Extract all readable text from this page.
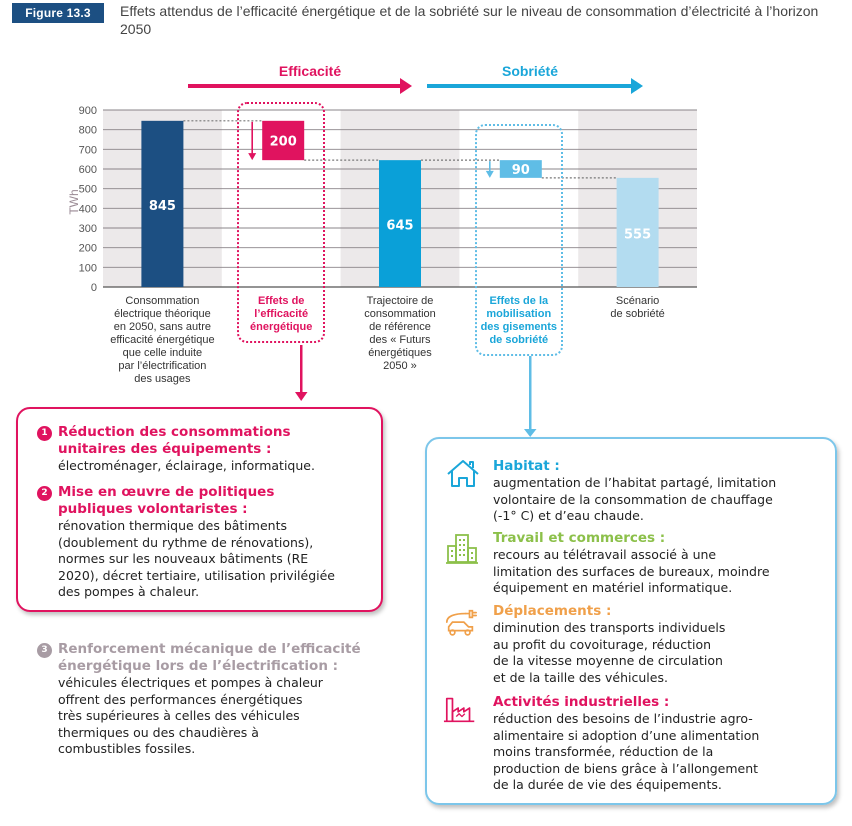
Figure 13.3	Effets attendus de l’efficacité énergétique et de la sobriété sur le niveau de consommation d’électricité à l’horizon 2050
Efficacité	Sobriété
0
100
200
300
400
500
600
700
800
900
845
200
645
90
555
TWh
Consommation
électrique théorique
en 2050, sans autre
efficacité énergétique
que celle induite
par l’électrification
des usages
Effets de
l’efficacité
énergétique
Trajectoire de
consommation
de référence
des « Futurs
énergétiques
2050 »
Effets de la
mobilisation
des gisements
de sobriété
Scénario
de sobriété
1 Réduction des consommations
unitaires des équipements :
électroménager, éclairage, informatique.
2 Mise en œuvre de politiques
publiques volontaristes :
rénovation thermique des bâtiments
(doublement du rythme de rénovations),
normes sur les nouveaux bâtiments (RE
2020), décret tertiaire, utilisation privilégiée
des pompes à chaleur.
3 Renforcement mécanique de l’efficacité
énergétique lors de l’électrification :
véhicules électriques et pompes à chaleur
offrent des performances énergétiques
très supérieures à celles des véhicules
thermiques ou des chaudières à
combustibles fossiles.
Habitat :
augmentation de l’habitat partagé, limitation
volontaire de la consommation de chauffage
(-1° C) et d’eau chaude.
Travail et commerces :
recours au télétravail associé à une
limitation des surfaces de bureaux, moindre
équipement en matériel informatique.
Déplacements :
diminution des transports individuels
au profit du covoiturage, réduction
de la vitesse moyenne de circulation
et de la taille des véhicules.
Activités industrielles :
réduction des besoins de l’industrie agro-
alimentaire si adoption d’une alimentation
moins transformée, réduction de la
production de biens grâce à l’allongement
de la durée de vie des équipements.
